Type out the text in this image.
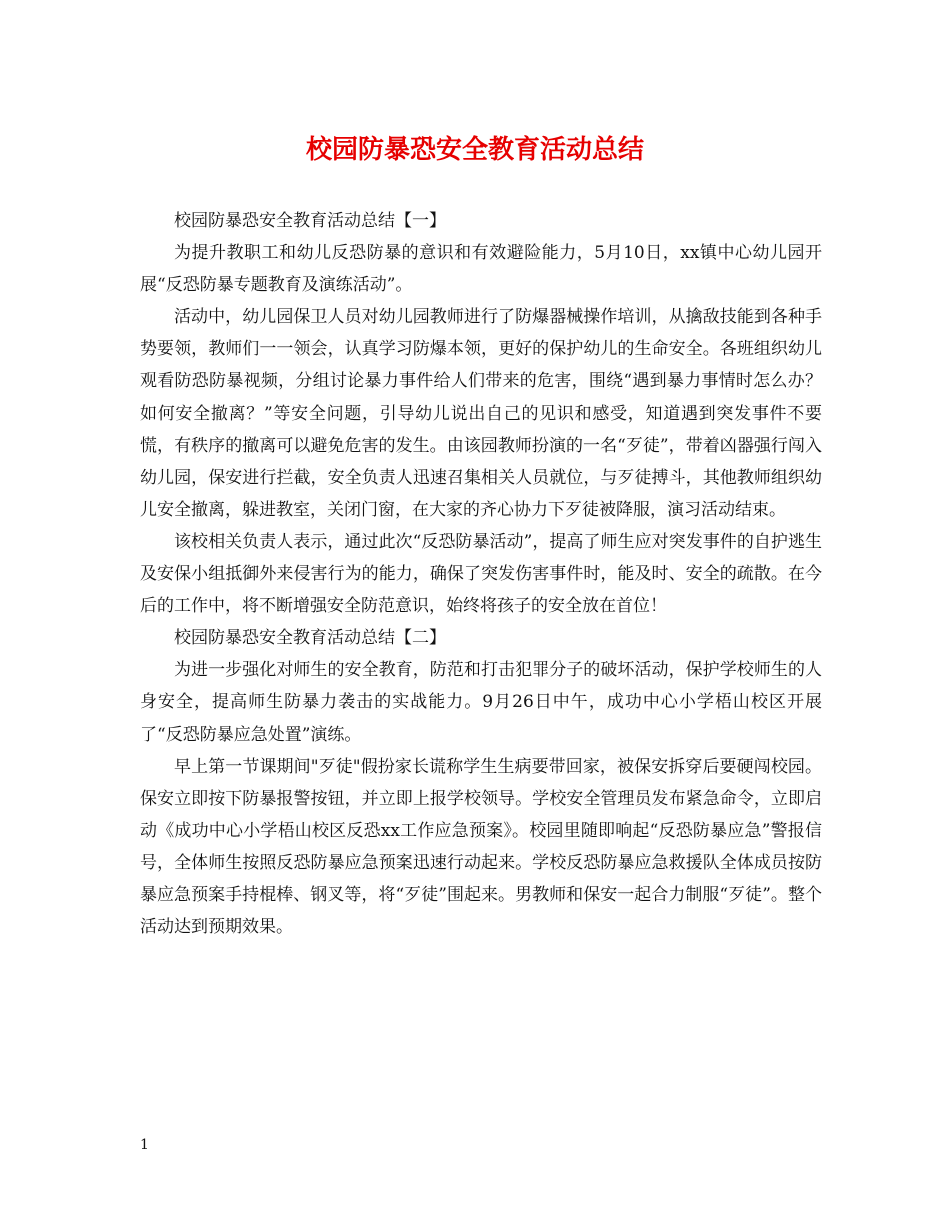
校园防暴恐安全教育活动总结

校园防暴恐安全教育活动总结【一】

为提升教职工和幼儿反恐防暴的意识和有效避险能力，5月10日，xx镇中心幼儿园开展“反恐防暴专题教育及演练活动”。

活动中，幼儿园保卫人员对幼儿园教师进行了防爆器械操作培训，从擒敌技能到各种手势要领，教师们一一领会，认真学习防爆本领，更好的保护幼儿的生命安全。各班组织幼儿观看防恐防暴视频，分组讨论暴力事件给人们带来的危害，围绕“遇到暴力事情时怎么办？如何安全撤离？”等安全问题，引导幼儿说出自己的见识和感受，知道遇到突发事件不要慌，有秩序的撤离可以避免危害的发生。由该园教师扮演的一名“歹徒”，带着凶器强行闯入幼儿园，保安进行拦截，安全负责人迅速召集相关人员就位，与歹徒搏斗，其他教师组织幼儿安全撤离，躲进教室，关闭门窗，在大家的齐心协力下歹徒被降服，演习活动结束。

该校相关负责人表示，通过此次“反恐防暴活动”，提高了师生应对突发事件的自护逃生及安保小组抵御外来侵害行为的能力，确保了突发伤害事件时，能及时、安全的疏散。在今后的工作中，将不断增强安全防范意识，始终将孩子的安全放在首位！

校园防暴恐安全教育活动总结【二】

为进一步强化对师生的安全教育，防范和打击犯罪分子的破坏活动，保护学校师生的人身安全，提高师生防暴力袭击的实战能力。9月26日中午，成功中心小学梧山校区开展了“反恐防暴应急处置”演练。

早上第一节课期间"歹徒"假扮家长谎称学生生病要带回家，被保安拆穿后要硬闯校园。保安立即按下防暴报警按钮，并立即上报学校领导。学校安全管理员发布紧急命令，立即启动《成功中心小学梧山校区反恐xx工作应急预案》。校园里随即响起“反恐防暴应急”警报信号，全体师生按照反恐防暴应急预案迅速行动起来。学校反恐防暴应急救援队全体成员按防暴应急预案手持棍棒、钢叉等，将“歹徒”围起来。男教师和保安一起合力制服“歹徒”。整个活动达到预期效果。

1
